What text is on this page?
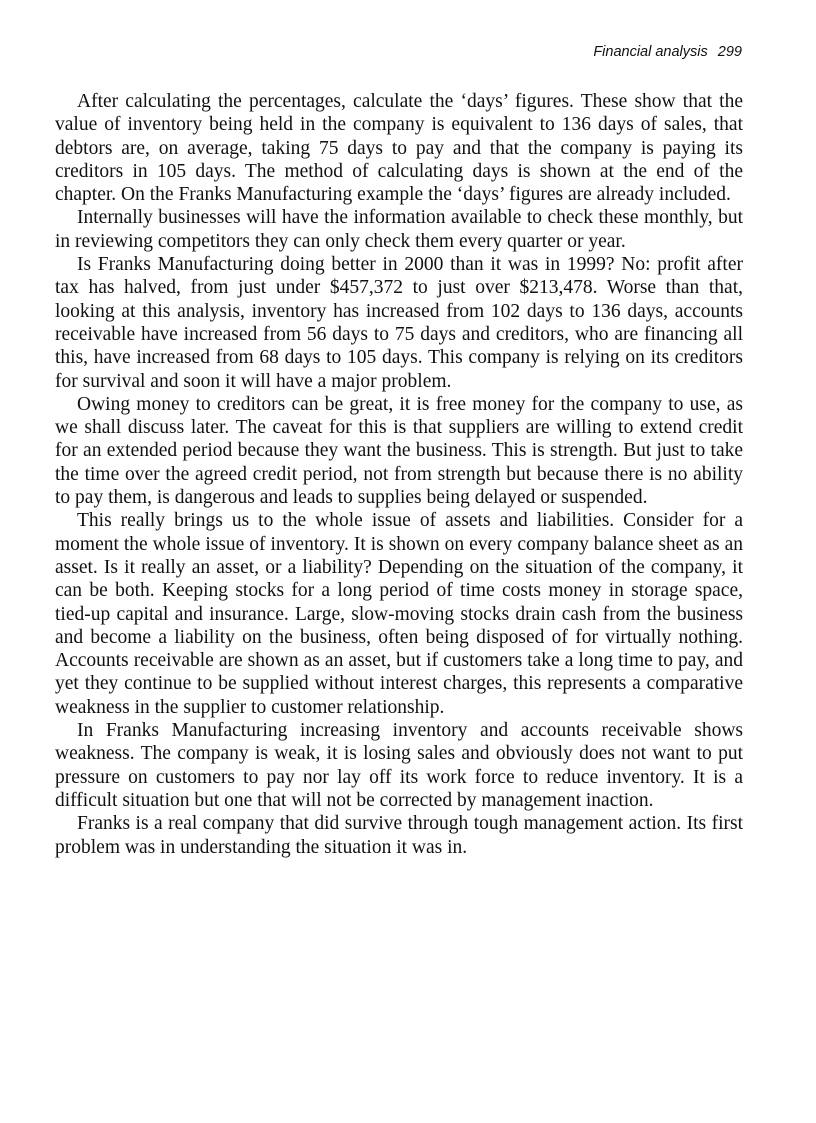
Financial analysis 299

After calculating the percentages, calculate the ‘days’ figures. These show that the value of inventory being held in the company is equivalent to 136 days of sales, that debtors are, on average, taking 75 days to pay and that the company is paying its creditors in 105 days. The method of calculating days is shown at the end of the chapter. On the Franks Manufacturing example the ‘days’ figures are already included.

Internally businesses will have the information available to check these monthly, but in reviewing competitors they can only check them every quarter or year.

Is Franks Manufacturing doing better in 2000 than it was in 1999? No: profit after tax has halved, from just under $457,372 to just over $213,478. Worse than that, looking at this analysis, inventory has increased from 102 days to 136 days, accounts receivable have increased from 56 days to 75 days and creditors, who are financing all this, have increased from 68 days to 105 days. This company is relying on its creditors for survival and soon it will have a major problem.

Owing money to creditors can be great, it is free money for the company to use, as we shall discuss later. The caveat for this is that suppliers are willing to extend credit for an extended period because they want the business. This is strength. But just to take the time over the agreed credit period, not from strength but because there is no ability to pay them, is dangerous and leads to supplies being delayed or suspended.

This really brings us to the whole issue of assets and liabilities. Consider for a moment the whole issue of inventory. It is shown on every company balance sheet as an asset. Is it really an asset, or a liability? Depending on the situation of the company, it can be both. Keeping stocks for a long period of time costs money in storage space, tied-up capital and insurance. Large, slow-moving stocks drain cash from the business and become a liability on the business, often being disposed of for virtually nothing. Accounts receivable are shown as an asset, but if customers take a long time to pay, and yet they continue to be supplied without interest charges, this represents a comparative weakness in the supplier to customer relationship.

In Franks Manufacturing increasing inventory and accounts receivable shows weakness. The company is weak, it is losing sales and obviously does not want to put pressure on customers to pay nor lay off its work force to reduce inventory. It is a difficult situation but one that will not be corrected by management inaction.

Franks is a real company that did survive through tough management action. Its first problem was in understanding the situation it was in.
